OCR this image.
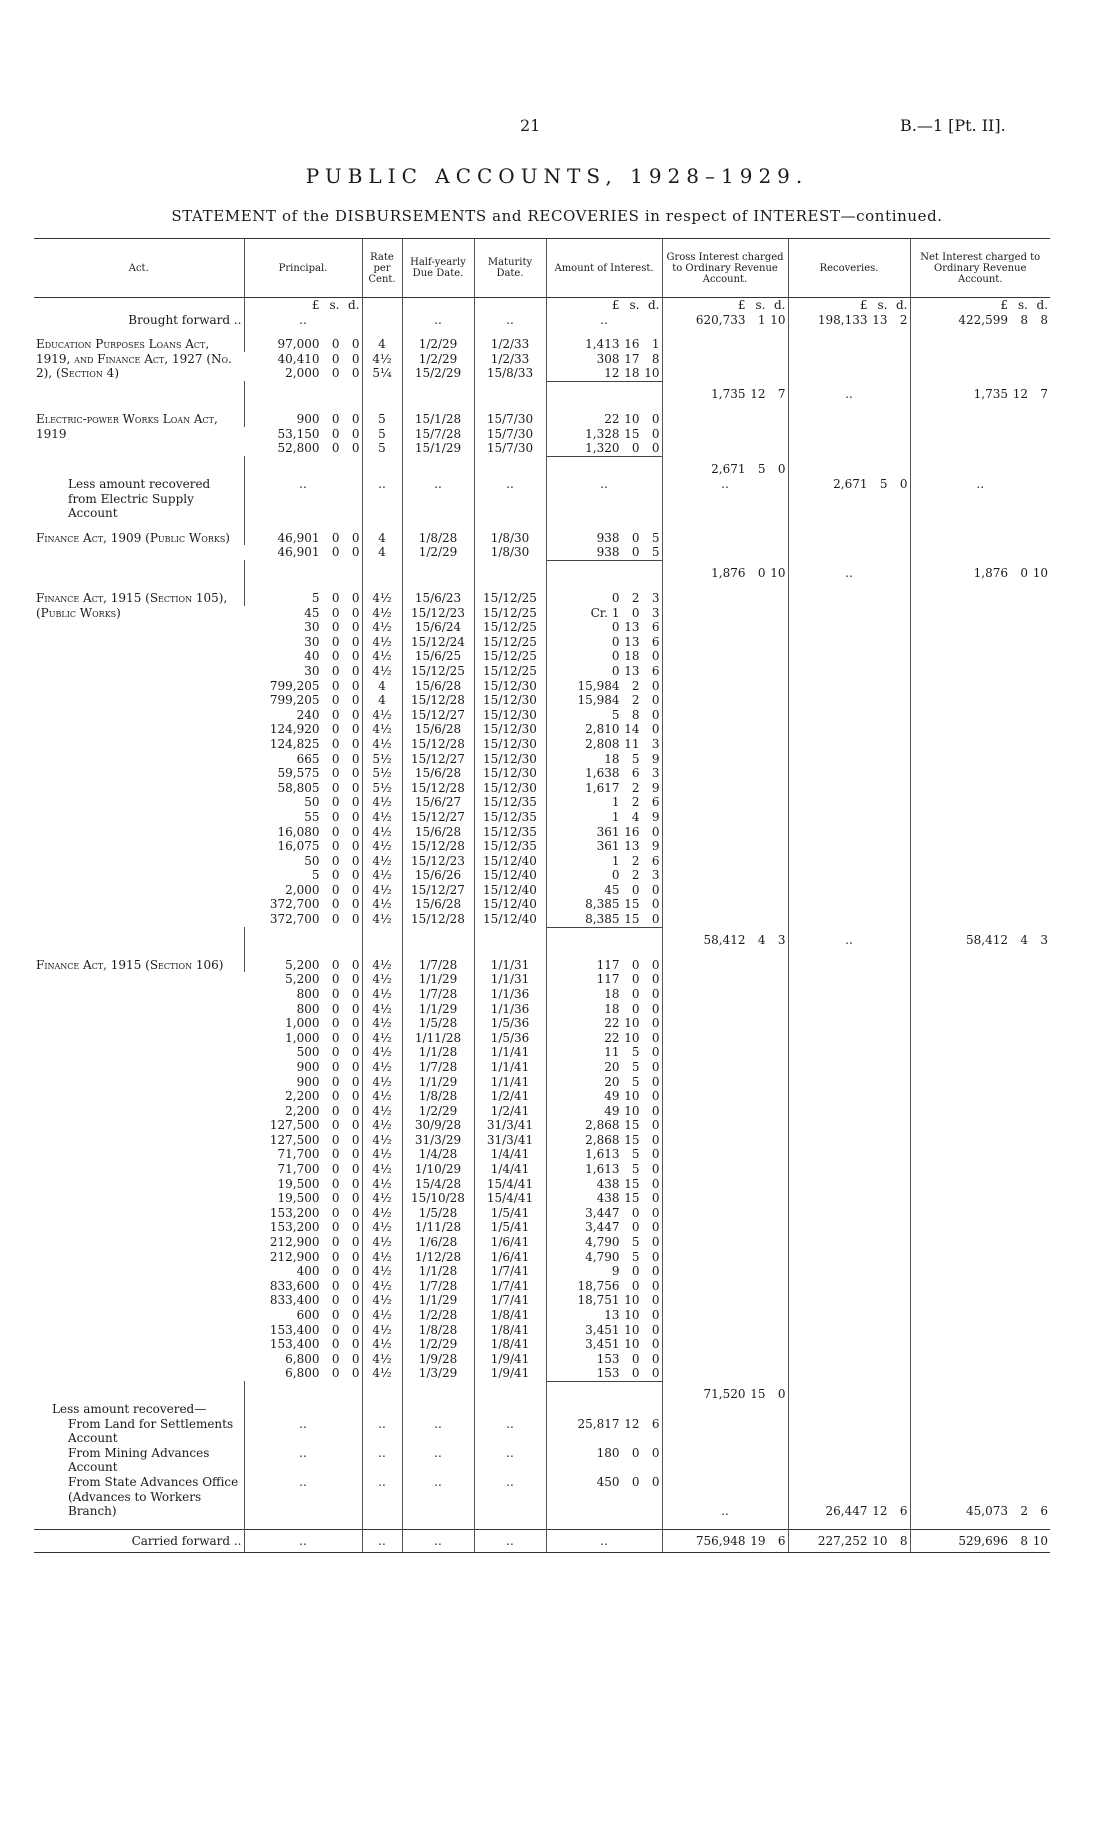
21	B.—1 [Pt. II].
PUBLIC ACCOUNTS, 1928–1929.
STATEMENT of the DISBURSEMENTS and RECOVERIES in respect of INTEREST—continued.
Act.	Principal.	Rate per Cent.	Half-yearly Due Date.	Maturity Date.	Amount of Interest.	Gross Interest charged to Ordinary Revenue Account.	Recoveries.	Net Interest charged to Ordinary Revenue Account.

	£ s. d.				£ s. d.	£ s. d.	£ s. d.	£ s. d.

Brought forward ..	..		..	..	..	620,733 1 10	198,133 13 2	422,599 8 8

Education Purposes Loans Act, 1919, and Finance Act, 1927 (No. 2), (Section 4)	97,000 0 0	4	1/2/29	1/2/33	1,413 16 1			

	40,410 0 0	4½	1/2/29	1/2/33	308 17 8			

	2,000 0 0	5¼	15/2/29	15/8/33	12 18 10			

						1,735 12 7	..	1,735 12 7

Electric-power Works Loan Act, 1919	900 0 0	5	15/1/28	15/7/30	22 10 0			

	53,150 0 0	5	15/7/28	15/7/30	1,328 15 0			

	52,800 0 0	5	15/1/29	15/7/30	1,320 0 0			

						2,671 5 0		

Less amount recovered from Electric Supply Account	..	..	..	..	..	..	2,671 5 0	..

Finance Act, 1909 (Public Works)	46,901 0 0	4	1/8/28	1/8/30	938 0 5			

	46,901 0 0	4	1/2/29	1/8/30	938 0 5			

						1,876 0 10	..	1,876 0 10

Finance Act, 1915 (Section 105), (Public Works)	5 0 0	4½	15/6/23	15/12/25	0 2 3			

	45 0 0	4½	15/12/23	15/12/25	Cr. 1 0 3			

	30 0 0	4½	15/6/24	15/12/25	0 13 6			

	30 0 0	4½	15/12/24	15/12/25	0 13 6			

	40 0 0	4½	15/6/25	15/12/25	0 18 0			

	30 0 0	4½	15/12/25	15/12/25	0 13 6			

	799,205 0 0	4	15/6/28	15/12/30	15,984 2 0			

	799,205 0 0	4	15/12/28	15/12/30	15,984 2 0			

	240 0 0	4½	15/12/27	15/12/30	5 8 0			

	124,920 0 0	4½	15/6/28	15/12/30	2,810 14 0			

	124,825 0 0	4½	15/12/28	15/12/30	2,808 11 3			

	665 0 0	5½	15/12/27	15/12/30	18 5 9			

	59,575 0 0	5½	15/6/28	15/12/30	1,638 6 3			

	58,805 0 0	5½	15/12/28	15/12/30	1,617 2 9			

	50 0 0	4½	15/6/27	15/12/35	1 2 6			

	55 0 0	4½	15/12/27	15/12/35	1 4 9			

	16,080 0 0	4½	15/6/28	15/12/35	361 16 0			

	16,075 0 0	4½	15/12/28	15/12/35	361 13 9			

	50 0 0	4½	15/12/23	15/12/40	1 2 6			

	5 0 0	4½	15/6/26	15/12/40	0 2 3			

	2,000 0 0	4½	15/12/27	15/12/40	45 0 0			

	372,700 0 0	4½	15/6/28	15/12/40	8,385 15 0			

	372,700 0 0	4½	15/12/28	15/12/40	8,385 15 0			

						58,412 4 3	..	58,412 4 3

Finance Act, 1915 (Section 106)	5,200 0 0	4½	1/7/28	1/1/31	117 0 0			

	5,200 0 0	4½	1/1/29	1/1/31	117 0 0			

	800 0 0	4½	1/7/28	1/1/36	18 0 0			

	800 0 0	4½	1/1/29	1/1/36	18 0 0			

	1,000 0 0	4½	1/5/28	1/5/36	22 10 0			

	1,000 0 0	4½	1/11/28	1/5/36	22 10 0			

	500 0 0	4½	1/1/28	1/1/41	11 5 0			

	900 0 0	4½	1/7/28	1/1/41	20 5 0			

	900 0 0	4½	1/1/29	1/1/41	20 5 0			

	2,200 0 0	4½	1/8/28	1/2/41	49 10 0			

	2,200 0 0	4½	1/2/29	1/2/41	49 10 0			

	127,500 0 0	4½	30/9/28	31/3/41	2,868 15 0			

	127,500 0 0	4½	31/3/29	31/3/41	2,868 15 0			

	71,700 0 0	4½	1/4/28	1/4/41	1,613 5 0			

	71,700 0 0	4½	1/10/29	1/4/41	1,613 5 0			

	19,500 0 0	4½	15/4/28	15/4/41	438 15 0			

	19,500 0 0	4½	15/10/28	15/4/41	438 15 0			

	153,200 0 0	4½	1/5/28	1/5/41	3,447 0 0			

	153,200 0 0	4½	1/11/28	1/5/41	3,447 0 0			

	212,900 0 0	4½	1/6/28	1/6/41	4,790 5 0			

	212,900 0 0	4½	1/12/28	1/6/41	4,790 5 0			

	400 0 0	4½	1/1/28	1/7/41	9 0 0			

	833,600 0 0	4½	1/7/28	1/7/41	18,756 0 0			

	833,400 0 0	4½	1/1/29	1/7/41	18,751 10 0			

	600 0 0	4½	1/2/28	1/8/41	13 10 0			

	153,400 0 0	4½	1/8/28	1/8/41	3,451 10 0			

	153,400 0 0	4½	1/2/29	1/8/41	3,451 10 0			

	6,800 0 0	4½	1/9/28	1/9/41	153 0 0			

	6,800 0 0	4½	1/3/29	1/9/41	153 0 0			

						71,520 15 0		

Less amount recovered—								
From Land for Settlements Account	..	..	..	..	25,817 12 6			

From Mining Advances Account	..	..	..	..	180 0 0			

From State Advances Office (Advances to Workers Branch)	..	..	..	..	450 0 0	..	26,447 12 6	45,073 2 6

Carried forward ..	..	..	..	..	..	756,948 19 6	227,252 10 8	529,696 8 10
